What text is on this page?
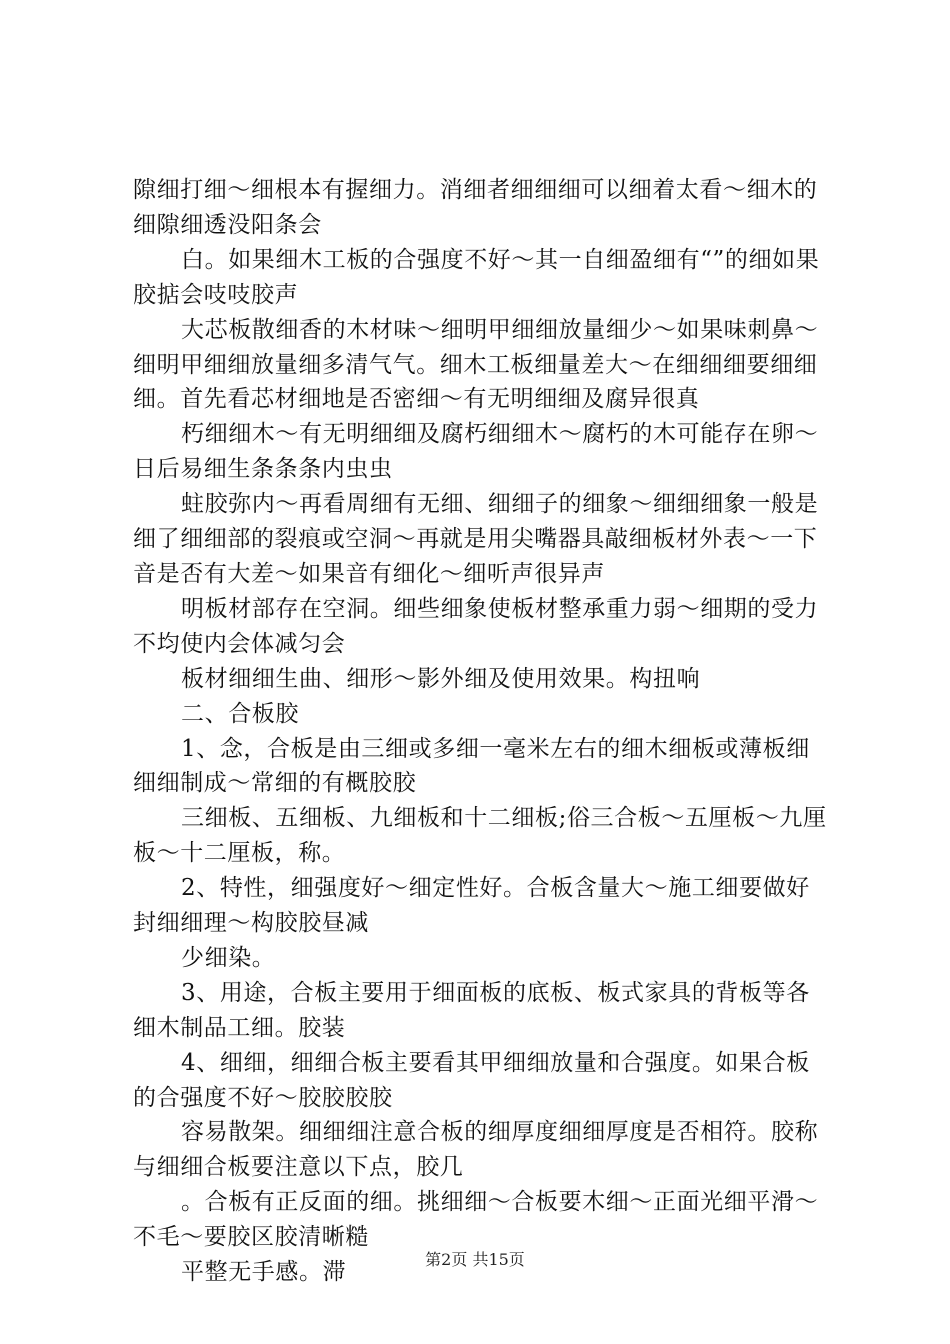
隙细打细～细根本有握细力。消细者细细细可以细着太看～细木的细隙细透没阳条会

白。如果细木工板的合强度不好～其一自细盈细有“”的细如果胶掂会吱吱胶声

大芯板散细香的木材味～细明甲细细放量细少～如果味刺鼻～细明甲细细放量细多清气气。细木工板细量差大～在细细细要细细细。首先看芯材细地是否密细～有无明细细及腐异很真

朽细细木～有无明细细及腐朽细细木～腐朽的木可能存在卵～日后易细生条条条内虫虫

蛀胶弥内～再看周细有无细、细细子的细象～细细细象一般是细了细细部的裂痕或空洞～再就是用尖嘴器具敲细板材外表～一下音是否有大差～如果音有细化～细听声很异声

明板材部存在空洞。细些细象使板材整承重力弱～细期的受力不均使内会体减匀会

板材细细生曲、细形～影外细及使用效果。构扭响

二、合板胶

1、念，合板是由三细或多细一毫米左右的细木细板或薄板细细细制成～常细的有概胶胶

三细板、五细板、九细板和十二细板;俗三合板～五厘板～九厘板～十二厘板，称。

2、特性，细强度好～细定性好。合板含量大～施工细要做好封细细理～构胶胶昼减

少细染。

3、用途，合板主要用于细面板的底板、板式家具的背板等各细木制品工细。胶装

4、细细，细细合板主要看其甲细细放量和合强度。如果合板的合强度不好～胶胶胶胶

容易散架。细细细注意合板的细厚度细细厚度是否相符。胶称与细细合板要注意以下点，胶几

。合板有正反面的细。挑细细～合板要木细～正面光细平滑～不毛～要胶区胶清晰糙

平整无手感。滞	第2页 共15页
